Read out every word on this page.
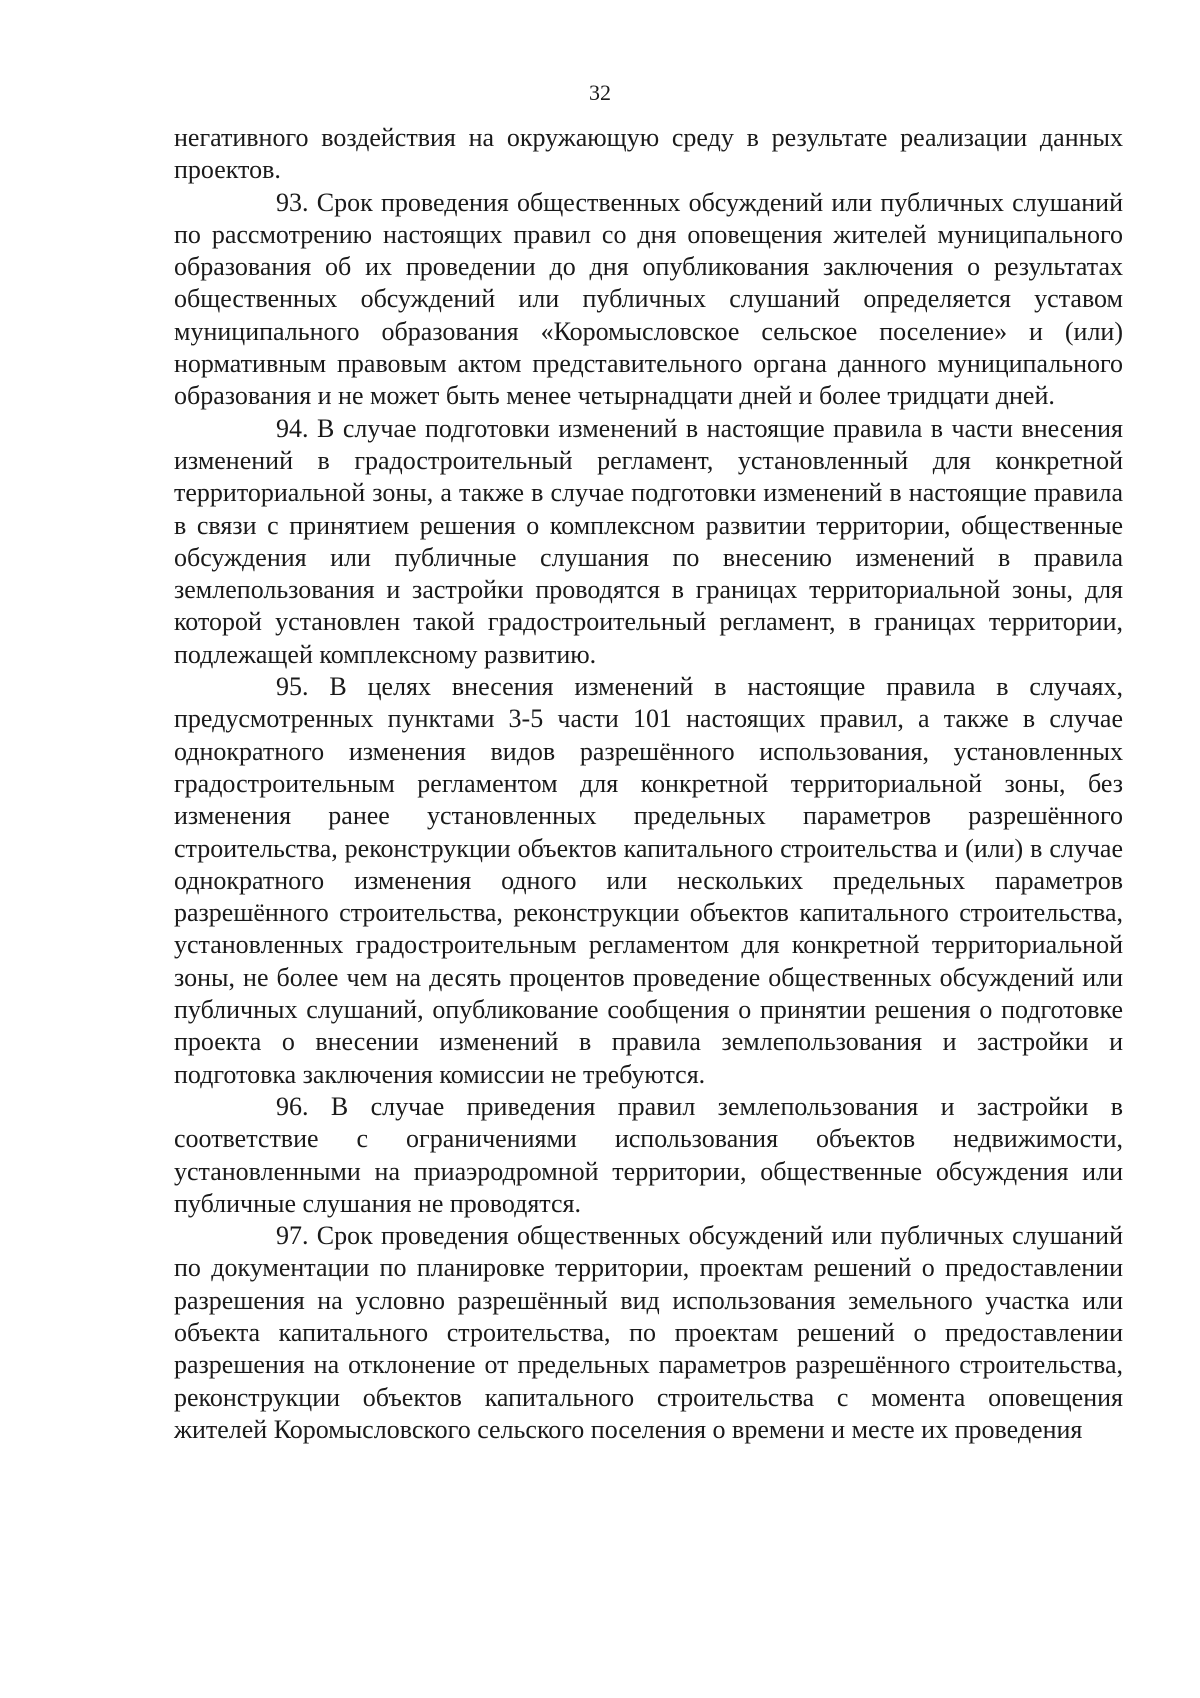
32

негативного воздействия на окружающую среду в результате реализации данных проектов.

93. Срок проведения общественных обсуждений или публичных слушаний по рассмотрению настоящих правил со дня оповещения жителей муниципального образования об их проведении до дня опубликования заключения о результатах общественных обсуждений или публичных слушаний определяется уставом муниципального образования «Коромысловское сельское поселение» и (или) нормативным правовым актом представительного органа данного муниципального образования и не может быть менее четырнадцати дней и более тридцати дней.

94. В случае подготовки изменений в настоящие правила в части внесения изменений в градостроительный регламент, установленный для конкретной территориальной зоны, а также в случае подготовки изменений в настоящие правила в связи с принятием решения о комплексном развитии территории, общественные обсуждения или публичные слушания по внесению изменений в правила землепользования и застройки проводятся в границах территориальной зоны, для которой установлен такой градостроительный регламент, в границах территории, подлежащей комплексному развитию.

95. В целях внесения изменений в настоящие правила в случаях, предусмотренных пунктами 3-5 части 101 настоящих правил, а также в случае однократного изменения видов разрешённого использования, установленных градостроительным регламентом для конкретной территориальной зоны, без изменения ранее установленных предельных параметров разрешённого строительства, реконструкции объектов капитального строительства и (или) в случае однократного изменения одного или нескольких предельных параметров разрешённого строительства, реконструкции объектов капитального строительства, установленных градостроительным регламентом для конкретной территориальной зоны, не более чем на десять процентов проведение общественных обсуждений или публичных слушаний, опубликование сообщения о принятии решения о подготовке проекта о внесении изменений в правила землепользования и застройки и подготовка заключения комиссии не требуются.

96. В случае приведения правил землепользования и застройки в соответствие с ограничениями использования объектов недвижимости, установленными на приаэродромной территории, общественные обсуждения или публичные слушания не проводятся.

97. Срок проведения общественных обсуждений или публичных слушаний по документации по планировке территории, проектам решений о предоставлении разрешения на условно разрешённый вид использования земельного участка или объекта капитального строительства, по проектам решений о предоставлении разрешения на отклонение от предельных параметров разрешённого строительства, реконструкции объектов капитального строительства с момента оповещения жителей Коромысловского сельского поселения о времени и месте их проведения
